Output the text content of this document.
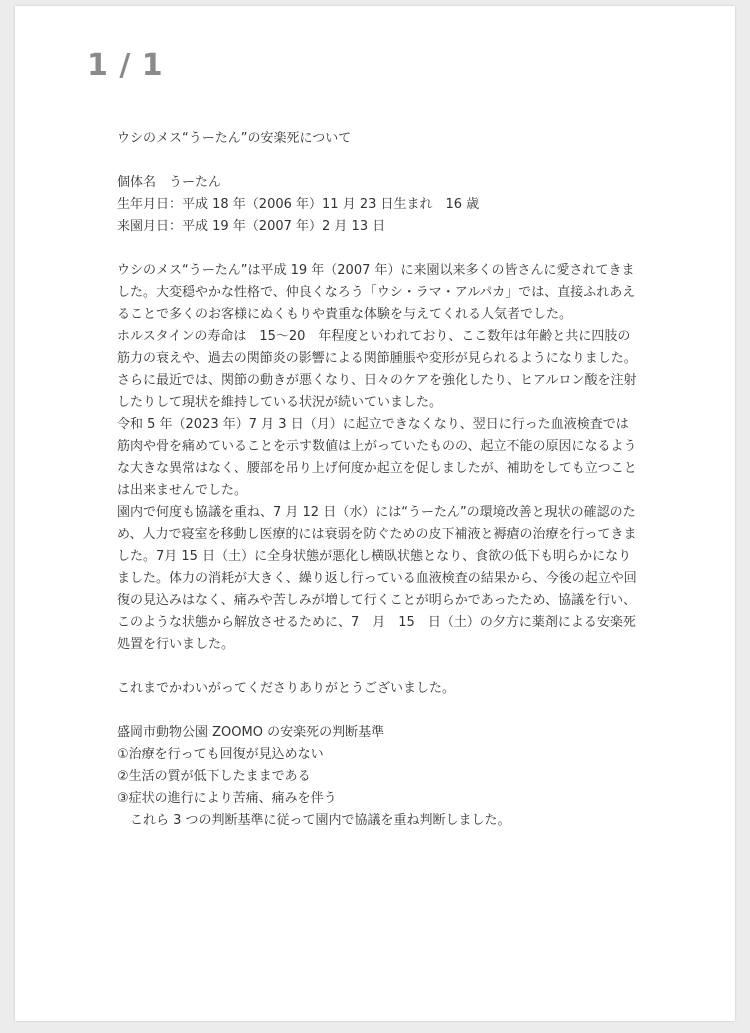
1 / 1

ウシのメス“うーたん”の安楽死について

個体名　うーたん

生年月日：平成 18 年（2006 年）11 月 23 日生まれ　16 歳

来園月日：平成 19 年（2007 年）2 月 13 日

ウシのメス“うーたん”は平成 19 年（2007 年）に来園以来多くの皆さんに愛されてきました。大変穏やかな性格で、仲良くなろう「ウシ・ラマ・アルパカ」では、直接ふれあえることで多くのお客様にぬくもりや貴重な体験を与えてくれる人気者でした。

ホルスタインの寿命は　15～20　年程度といわれており、ここ数年は年齢と共に四肢の筋力の衰えや、過去の関節炎の影響による関節腫脹や変形が見られるようになりました。さらに最近では、関節の動きが悪くなり、日々のケアを強化したり、ヒアルロン酸を注射したりして現状を維持している状況が続いていました。

令和 5 年（2023 年）7 月 3 日（月）に起立できなくなり、翌日に行った血液検査では筋肉や骨を痛めていることを示す数値は上がっていたものの、起立不能の原因になるような大きな異常はなく、腰部を吊り上げ何度か起立を促しましたが、補助をしても立つことは出来ませんでした。

園内で何度も協議を重ね、7 月 12 日（水）には“うーたん”の環境改善と現状の確認のため、人力で寝室を移動し医療的には衰弱を防ぐための皮下補液と褥瘡の治療を行ってきました。7月 15 日（土）に全身状態が悪化し横臥状態となり、食欲の低下も明らかになりました。体力の消耗が大きく、繰り返し行っている血液検査の結果から、今後の起立や回復の見込みはなく、痛みや苦しみが増して行くことが明らかであったため、協議を行い、このような状態から解放させるために、7　月　15　日（土）の夕方に薬剤による安楽死処置を行いました。

これまでかわいがってくださりありがとうございました。

盛岡市動物公園 ZOOMO の安楽死の判断基準

①治療を行っても回復が見込めない

②生活の質が低下したままである

③症状の進行により苦痛、痛みを伴う

　これら 3 つの判断基準に従って園内で協議を重ね判断しました。
